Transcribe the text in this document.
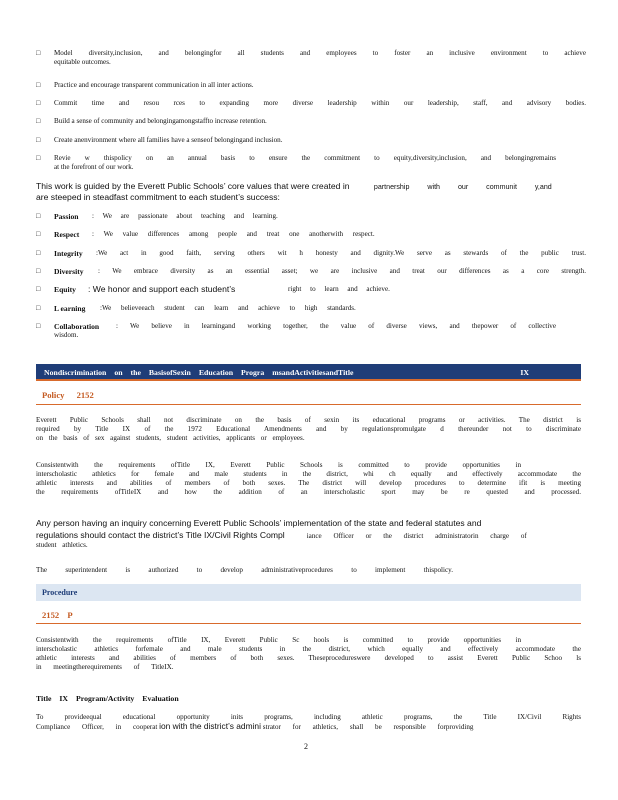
□ Model diversity,inclusion, and belongingfor all students and employees to foster an inclusive environment to achieve
equitable outcomes.
□ Practice and encourage transparent communication in all inter actions.
□ Commit time and resou rces to expanding more diverse leadership within our leadership, staff, and advisory bodies.
□ Build a sense of community and belongingamongstaffto increase retention.
□ Create anenvironment where all families have a senseof belongingand inclusion.
□ Revie w thispolicy on an annual basis to ensure the commitment to equity,diversity,inclusion, and belongingremains
at the forefront of our work.
This work is guided by the Everett Public Schools’ core values that were created in	partnership with our communit y,and
are steeped in steadfast commitment to each student’s success:
□ Passion : We are passionate about teaching and learning.
□ Respect : We value differences among people and treat one anotherwith respect.
□ Integrity :We act in good faith, serving others wit h honesty and dignity.We serve as stewards of the public trust.
□ Diversity : We embrace diversity as an essential asset; we are inclusive and treat our differences as a core strength.
□ Equity : We honor and support each student’s	right to learn and achieve.
□ L earning :We believeeach student can learn and achieve to high standards.
□ Collaboration : We believe in learningand working together, the value of diverse views, and thepower of collective
wisdom.
Nondiscrimination on the BasisofSexin Education Progra msandActivitiesandTitle	IX
Policy 2152
Everett Public Schools shall not discriminate on the basis of sexin its educational programs or activities. The district is
required by Title IX of the 1972 Educational Amendments and by regulationspromulgate d thereunder not to discriminate
on the basis of sex against students, student activities, applicants or employees.
Consistentwith the requirements ofTitle IX, Everett Public Schools is committed to provide opportunities in
interscholastic athletics for female and male students in the district, whi ch equally and effectively accommodate the
athletic interests and abilities of members of both sexes. The district will develop procedures to determine ifit is meeting
the requirements ofTitleIX and how the addition of an interscholastic sport may be re quested and processed.
Any person having an inquiry concerning Everett Public Schools’ implementation of the state and federal statutes and
regulations should contact the district’s Title IX/Civil Rights Compl	iance Officer or the district administratorin charge of
student athletics.
The superintendent is authorized to develop administrativeprocedures to implement thispolicy.
Procedure
2152 P
Consistentwith the requirements ofTitle IX, Everett Public Sc hools is committed to provide opportunities in
interscholastic athletics forfemale and male students in the district, which equally and effectively accommodate the
athletic interests and abilities of members of both sexes. Theseprocedureswere developed to assist Everett Public Schoo ls
in meetingtherequirements of TitleIX.
Title IX Program/Activity Evaluation
To provideequal educational opportunity inits programs, including athletic programs, the Title IX/Civil Rights
Compliance Officer, in cooperat ion with the district’s admini strator for athletics, shall be responsible forproviding
2
